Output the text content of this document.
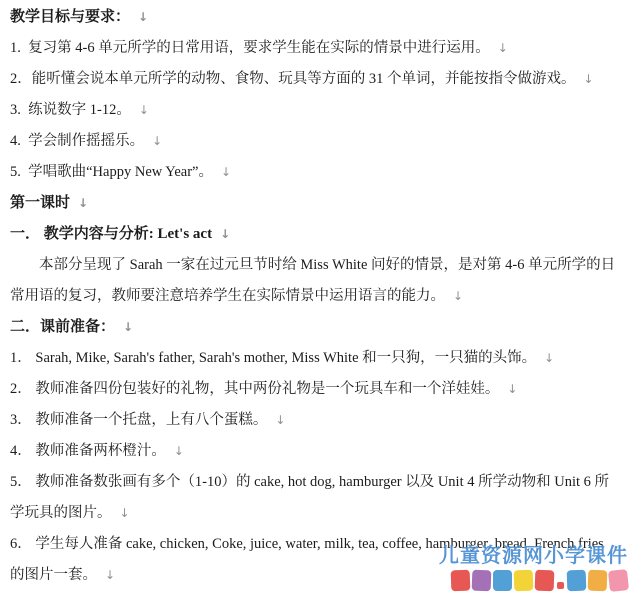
教学目标与要求： ↓

1.  复习第 4-6 单元所学的日常用语，要求学生能在实际的情景中进行运用。 ↓

2．能听懂会说本单元所学的动物、食物、玩具等方面的 31 个单词，并能按指令做游戏。 ↓

3.  练说数字 1-12。 ↓

4.  学会制作摇摇乐。 ↓

5.  学唱歌曲“Happy New Year”。 ↓

第一课时 ↓

一． 教学内容与分析: Let's act ↓

本部分呈现了 Sarah 一家在过元旦节时给 Miss White 问好的情景，是对第 4-6 单元所学的日常用语的复习，教师要注意培养学生在实际情景中运用语言的能力。 ↓

二．课前准备： ↓

1． Sarah, Mike, Sarah's father, Sarah's mother, Miss White 和一只狗，一只猫的头饰。 ↓

2． 教师准备四份包装好的礼物，其中两份礼物是一个玩具车和一个洋娃娃。 ↓

3． 教师准备一个托盘，上有八个蛋糕。 ↓

4． 教师准备两杯橙汁。 ↓

5． 教师准备数张画有多个（1-10）的 cake, hot dog, hamburger 以及 Unit 4 所学动物和 Unit 6 所学玩具的图片。 ↓

6． 学生每人准备 cake, chicken, Coke, juice, water, milk, tea, coffee, hamburger, bread, French fries 的图片一套。 ↓

儿童资源网小学课件
